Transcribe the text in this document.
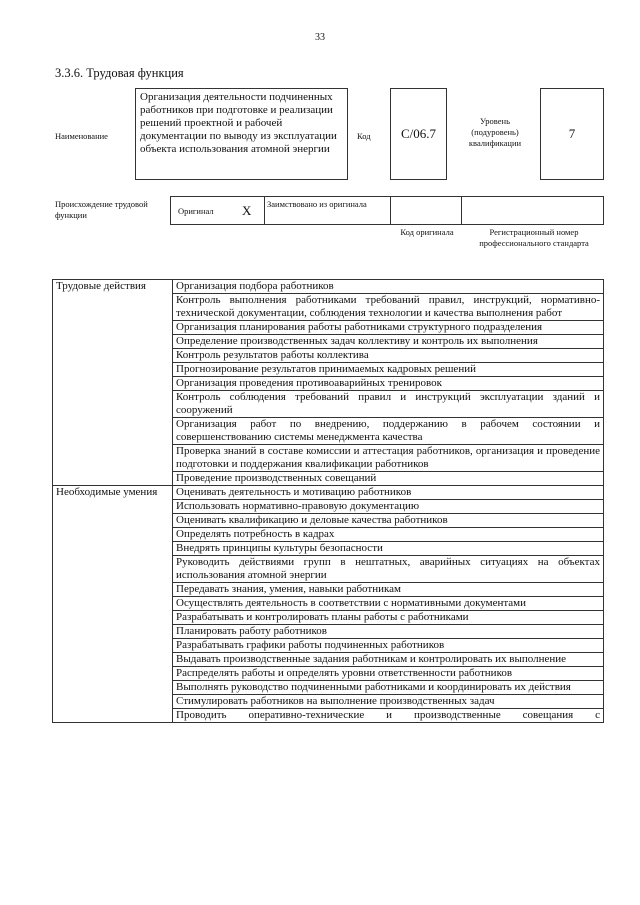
33
3.3.6. Трудовая функция
Наименование
Организация деятельности подчиненных работников при подготовке и реализации решений проектной и рабочей документации по выводу из эксплуатации объекта использования атомной энергии
Код	С/06.7
Уровень (подуровень) квалификации
7
Происхождение трудовой функции	Оригинал X Заимствовано из оригинала
Код оригинала	Регистрационный номер профессионального стандарта
Трудовые действия	Организация подбора работников
	Контроль выполнения работниками требований правил, инструкций, нормативно-технической документации, соблюдения технологии и качества выполнения работ
	Организация планирования работы работниками структурного подразделения
	Определение производственных задач коллективу и контроль их выполнения
	Контроль результатов работы коллектива
	Прогнозирование результатов принимаемых кадровых решений
	Организация проведения противоаварийных тренировок
	Контроль соблюдения требований правил и инструкций эксплуатации зданий и сооружений
	Организация работ по внедрению, поддержанию в рабочем состоянии и совершенствованию системы менеджмента качества
	Проверка знаний в составе комиссии и аттестация работников, организация и проведение подготовки и поддержания квалификации работников
	Проведение производственных совещаний
Необходимые умения	Оценивать деятельность и мотивацию работников
	Использовать нормативно-правовую документацию
	Оценивать квалификацию и деловые качества работников
	Определять потребность в кадрах
	Внедрять принципы культуры безопасности
	Руководить действиями групп в нештатных, аварийных ситуациях на объектах использования атомной энергии
	Передавать знания, умения, навыки работникам
	Осуществлять деятельность в соответствии с нормативными документами
	Разрабатывать и контролировать планы работы с работниками
	Планировать работу работников
	Разрабатывать графики работы подчиненных работников
	Выдавать производственные задания работникам и контролировать их выполнение
	Распределять работы и определять уровни ответственности работников
	Выполнять руководство подчиненными работниками и координировать их действия
	Стимулировать работников на выполнение производственных задач
	Проводить оперативно-технические и производственные совещания с
